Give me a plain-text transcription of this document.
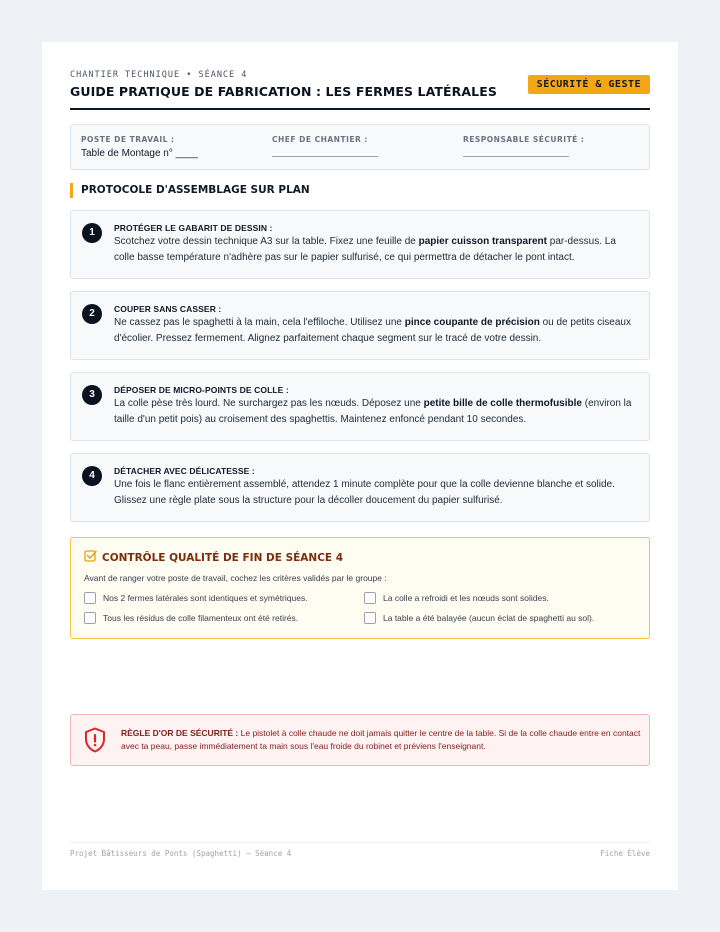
CHANTIER TECHNIQUE • SÉANCE 4
GUIDE PRATIQUE DE FABRICATION : LES FERMES LATÉRALES	SÉCURITÉ & GESTE
POSTE DE TRAVAIL :
Table de Montage n° ____
CHEF DE CHANTIER :	RESPONSABLE SÉCURITÉ :
PROTOCOLE D'ASSEMBLAGE SUR PLAN
1	PROTÉGER LE GABARIT DE DESSIN :
Scotchez votre dessin technique A3 sur la table. Fixez une feuille de papier cuisson transparent par-dessus. La colle basse température n'adhère pas sur le papier sulfurisé, ce qui permettra de détacher le pont intact.
2	COUPER SANS CASSER :
Ne cassez pas le spaghetti à la main, cela l'effiloche. Utilisez une pince coupante de précision ou de petits ciseaux d'écolier. Pressez fermement. Alignez parfaitement chaque segment sur le tracé de votre dessin.
3	DÉPOSER DE MICRO-POINTS DE COLLE :
La colle pèse très lourd. Ne surchargez pas les nœuds. Déposez une petite bille de colle thermofusible (environ la taille d'un petit pois) au croisement des spaghettis. Maintenez enfoncé pendant 10 secondes.
4	DÉTACHER AVEC DÉLICATESSE :
Une fois le flanc entièrement assemblé, attendez 1 minute complète pour que la colle devienne blanche et solide. Glissez une règle plate sous la structure pour la décoller doucement du papier sulfurisé.
CONTRÔLE QUALITÉ DE FIN DE SÉANCE 4
Avant de ranger votre poste de travail, cochez les critères validés par le groupe :
Nos 2 fermes latérales sont identiques et symétriques.	La colle a refroidi et les nœuds sont solides.
Tous les résidus de colle filamenteux ont été retirés.	La table a été balayée (aucun éclat de spaghetti au sol).
RÈGLE D'OR DE SÉCURITÉ : Le pistolet à colle chaude ne doit jamais quitter le centre de la table. Si de la colle chaude entre en contact avec ta peau, passe immédiatement ta main sous l'eau froide du robinet et préviens l'enseignant.
Projet Bâtisseurs de Ponts (Spaghetti) — Séance 4	Fiche Élève
